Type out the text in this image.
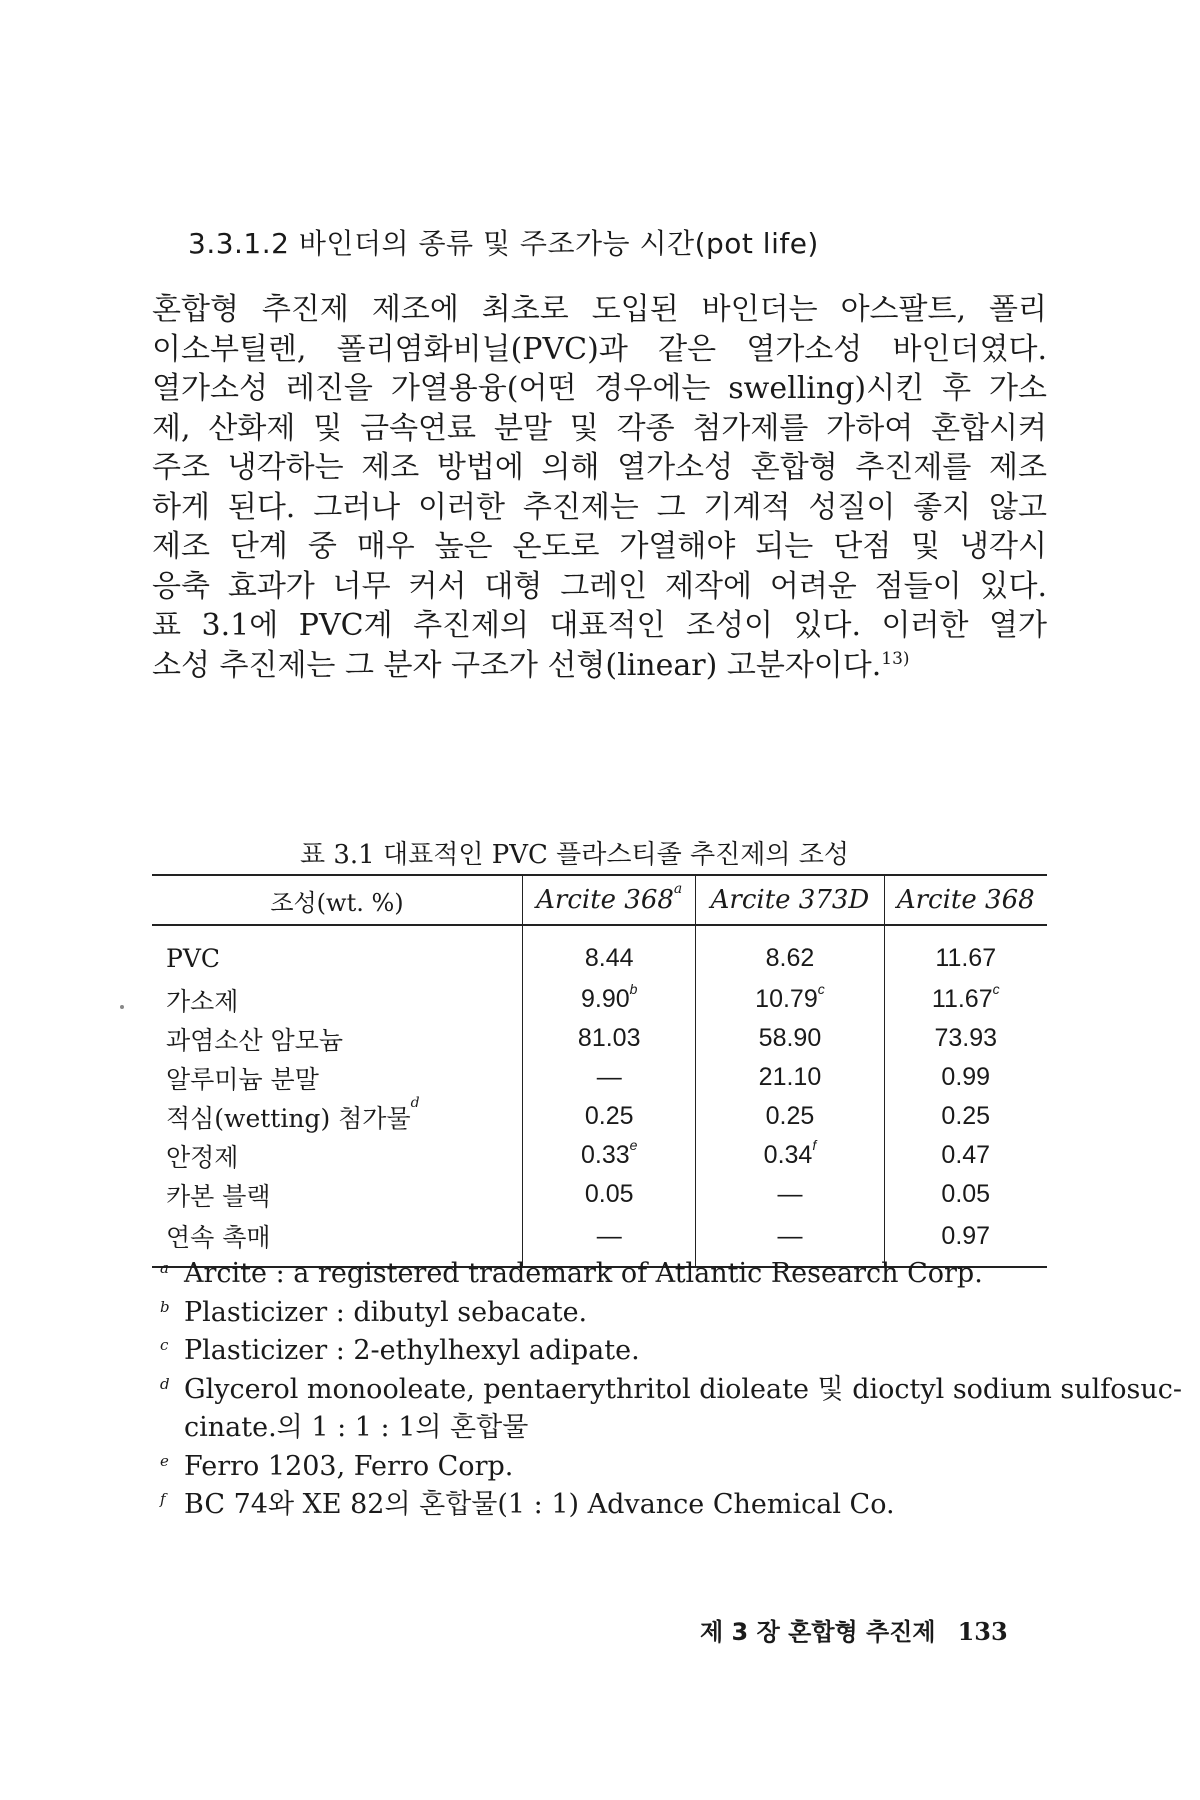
3.3.1.2 바인더의 종류 및 주조가능 시간(pot life)
혼합형 추진제 제조에 최초로 도입된 바인더는 아스팔트, 폴리
이소부틸렌, 폴리염화비닐(PVC)과 같은 열가소성 바인더였다.
열가소성 레진을 가열용융(어떤 경우에는 swelling)시킨 후 가소
제, 산화제 및 금속연료 분말 및 각종 첨가제를 가하여 혼합시켜
주조 냉각하는 제조 방법에 의해 열가소성 혼합형 추진제를 제조
하게 된다. 그러나 이러한 추진제는 그 기계적 성질이 좋지 않고
제조 단계 중 매우 높은 온도로 가열해야 되는 단점 및 냉각시
응축 효과가 너무 커서 대형 그레인 제작에 어려운 점들이 있다.
표 3.1에 PVC계 추진제의 대표적인 조성이 있다. 이러한 열가
소성 추진제는 그 분자 구조가 선형(linear) 고분자이다.$^{13)}$
표 3.1 대표적인 PVC 플라스티졸 추진제의 조성
조성(wt. %)	Arcite 368$^a$	Arcite 373D	Arcite 368
PVC	8.44	8.62	11.67
가소제	9.90$^b$	10.79$^c$	11.67$^c$
과염소산 암모늄	81.03	58.90	73.93
알루미늄 분말	—	21.10	0.99
적심(wetting) 첨가물$^d$	0.25	0.25	0.25
안정제	0.33e	0.34$^f$	0.47
카본 블랙	0.05	—	0.05
연속 촉매	—	—	0.97
a Arcite : a registered trademark of Atlantic Research Corp.
b Plasticizer : dibutyl sebacate.
c Plasticizer : 2-ethylhexyl adipate.
d Glycerol monooleate, pentaerythritol dioleate 및 dioctyl sodium sulfosuc-
cinate.의 1 : 1 : 1의 혼합물
e Ferro 1203, Ferro Corp.
f BC 74와 XE 82의 혼합물(1 : 1) Advance Chemical Co.
제 3 장 혼합형 추진제 133
